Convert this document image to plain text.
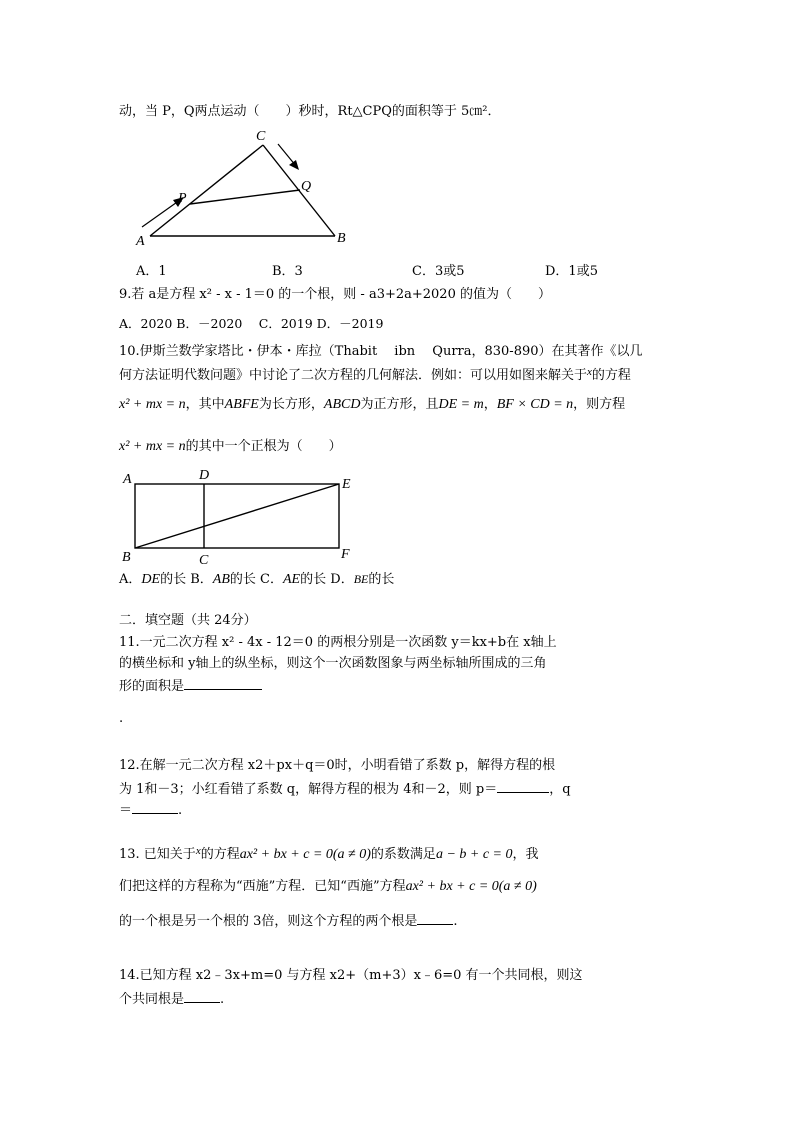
动，当 P，Q两点运动（　　）秒时，Rt△CPQ的面积等于 5㎝²．
A	B
C
P
Q
A．1	B．3	C．3或5	D．1或5
9.若 a是方程 x² - x - 1＝0 的一个根，则 - a3+2a+2020 的值为（　　）
A．2020 B．－2020　 C．2019 D．－2019
10.伊斯兰数学家塔比・伊本・库拉（Thabit　 ibn　 Qurra，830-890）在其著作《以几
何方法证明代数问题》中讨论了二次方程的几何解法．例如：可以用如图来解关于$^x$的方程
x² + mx = n，其中ABFE为长方形，ABCD为正方形，且DE = m，BF × CD = n，则方程
x² + mx = n的其中一个正根为（　　）
A	D
E
B	C	F
A．DE的长 B．AB的长 C．AE的长 D．BE的长
二．填空题（共 24分）
11.一元二次方程 x² - 4x - 12＝0 的两根分别是一次函数 y＝kx+b在 x轴上
的横坐标和 y轴上的纵坐标，则这个一次函数图象与两坐标轴所围成的三角
形的面积是
.
12.在解一元二次方程 x2＋px＋q＝0时，小明看错了系数 p，解得方程的根
为 1和－3；小红看错了系数 q，解得方程的根为 4和－2，则 p＝	，q
＝	.
13. 已知关于$^x$的方程ax² + bx + c = 0(a ≠ 0)的系数满足a − b + c = 0，我
们把这样的方程称为“西施”方程．已知“西施”方程ax² + bx + c = 0(a ≠ 0)
的一个根是另一个根的 3倍，则这个方程的两个根是	.
14.已知方程 x2﹣3x+m=0 与方程 x2+（m+3）x﹣6=0 有一个共同根，则这
个共同根是	.
